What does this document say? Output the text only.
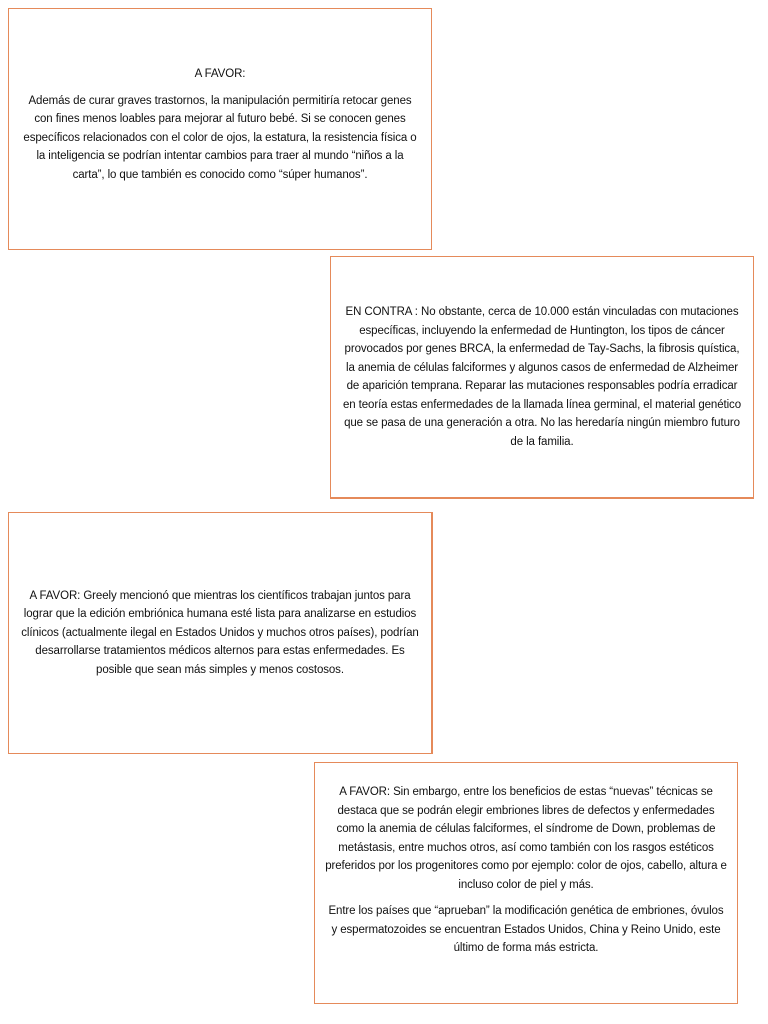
A FAVOR:

Además de curar graves trastornos, la manipulación permitiría retocar genes con fines menos loables para mejorar al futuro bebé. Si se conocen genes específicos relacionados con el color de ojos, la estatura, la resistencia física o la inteligencia se podrían intentar cambios para traer al mundo “niños a la carta”, lo que también es conocido como “súper humanos”.

EN CONTRA : No obstante, cerca de 10.000 están vinculadas con mutaciones específicas, incluyendo la enfermedad de Huntington, los tipos de cáncer provocados por genes BRCA, la enfermedad de Tay-Sachs, la fibrosis quística, la anemia de células falciformes y algunos casos de enfermedad de Alzheimer de aparición temprana. Reparar las mutaciones responsables podría erradicar en teoría estas enfermedades de la llamada línea germinal, el material genético que se pasa de una generación a otra. No las heredaría ningún miembro futuro de la familia.

A FAVOR: Greely mencionó que mientras los científicos trabajan juntos para lograr que la edición embriónica humana esté lista para analizarse en estudios clínicos (actualmente ilegal en Estados Unidos y muchos otros países), podrían desarrollarse tratamientos médicos alternos para estas enfermedades. Es posible que sean más simples y menos costosos.

A FAVOR: Sin embargo, entre los beneficios de estas “nuevas” técnicas se destaca que se podrán elegir embriones libres de defectos y enfermedades como la anemia de células falciformes, el síndrome de Down, problemas de metástasis, entre muchos otros, así como también con los rasgos estéticos preferidos por los progenitores como por ejemplo: color de ojos, cabello, altura e incluso color de piel y más.

Entre los países que “aprueban” la modificación genética de embriones, óvulos y espermatozoides se encuentran Estados Unidos, China y Reino Unido, este último de forma más estricta.
